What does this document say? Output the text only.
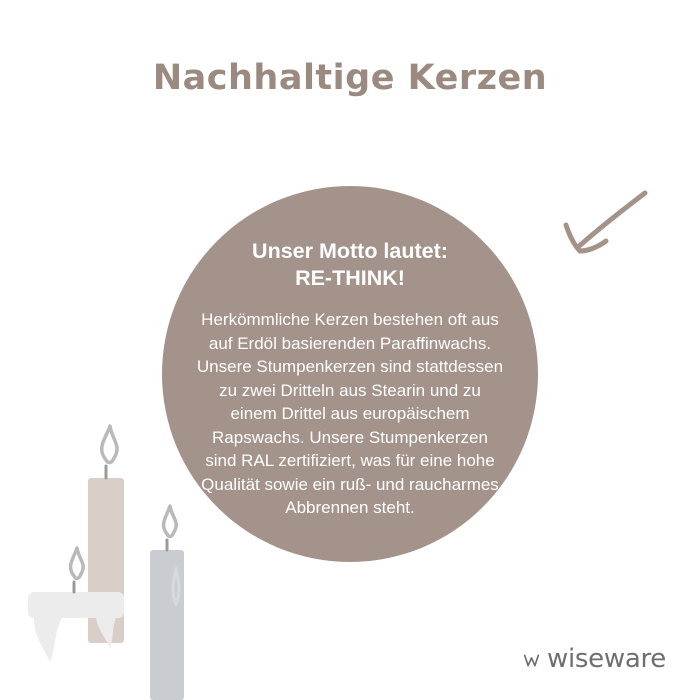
Nachhaltige Kerzen
Unser Motto lautet:
RE-THINK!
Herkömmliche Kerzen bestehen oft aus auf Erdöl basierenden Paraffinwachs. Unsere Stumpenkerzen sind stattdessen zu zwei Dritteln aus Stearin und zu einem Drittel aus europäischem Rapswachs. Unsere Stumpenkerzen sind RAL zertifiziert, was für eine hohe Qualität sowie ein ruß- und raucharmes Abbrennen steht.
wiseware
